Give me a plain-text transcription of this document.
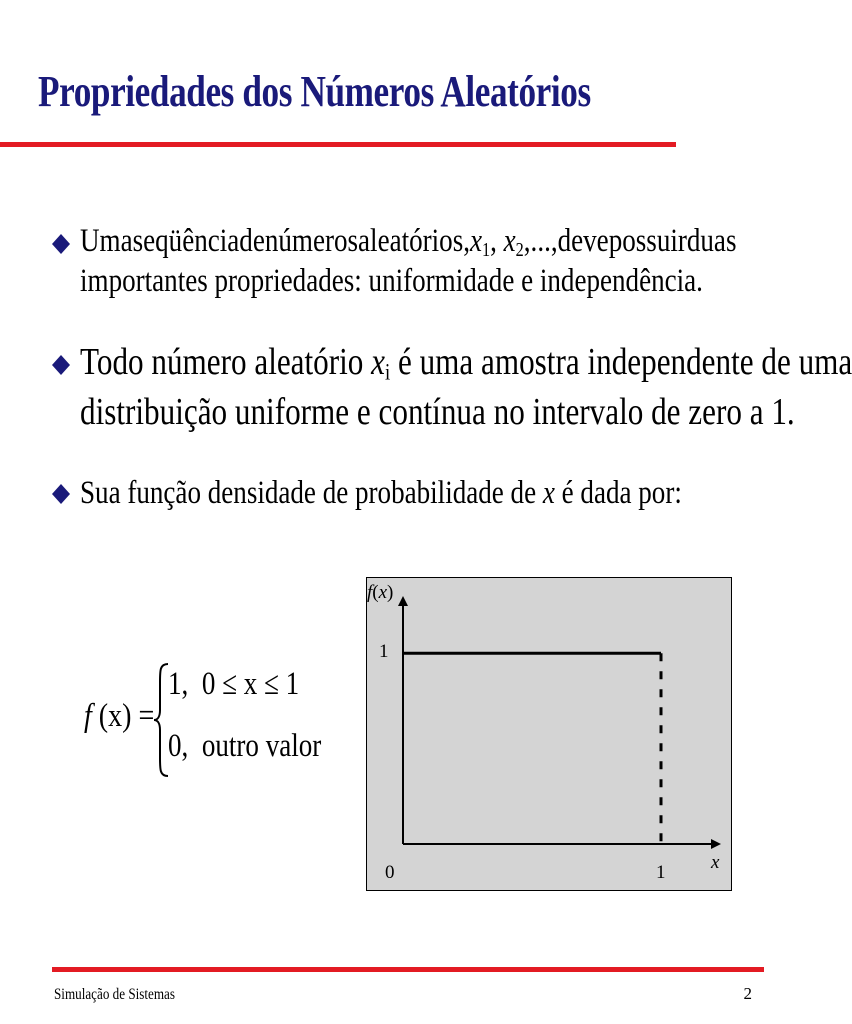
Propriedades dos Números Aleatórios
Uma seqüência de números aleatórios, $x_1$, $x_2$,..., deve possuir duas
importantes propriedades: uniformidade e independência.
Todo número aleatório $x_i$ é uma amostra independente de uma
distribuição uniforme e contínua no intervalo de zero a 1.
Sua função densidade de probabilidade de x é dada por:
f (x) =
1, 0 ≤ x ≤ 1
0, outro valor
f(x)
x
1
0	1
Simulação de Sistemas	2
